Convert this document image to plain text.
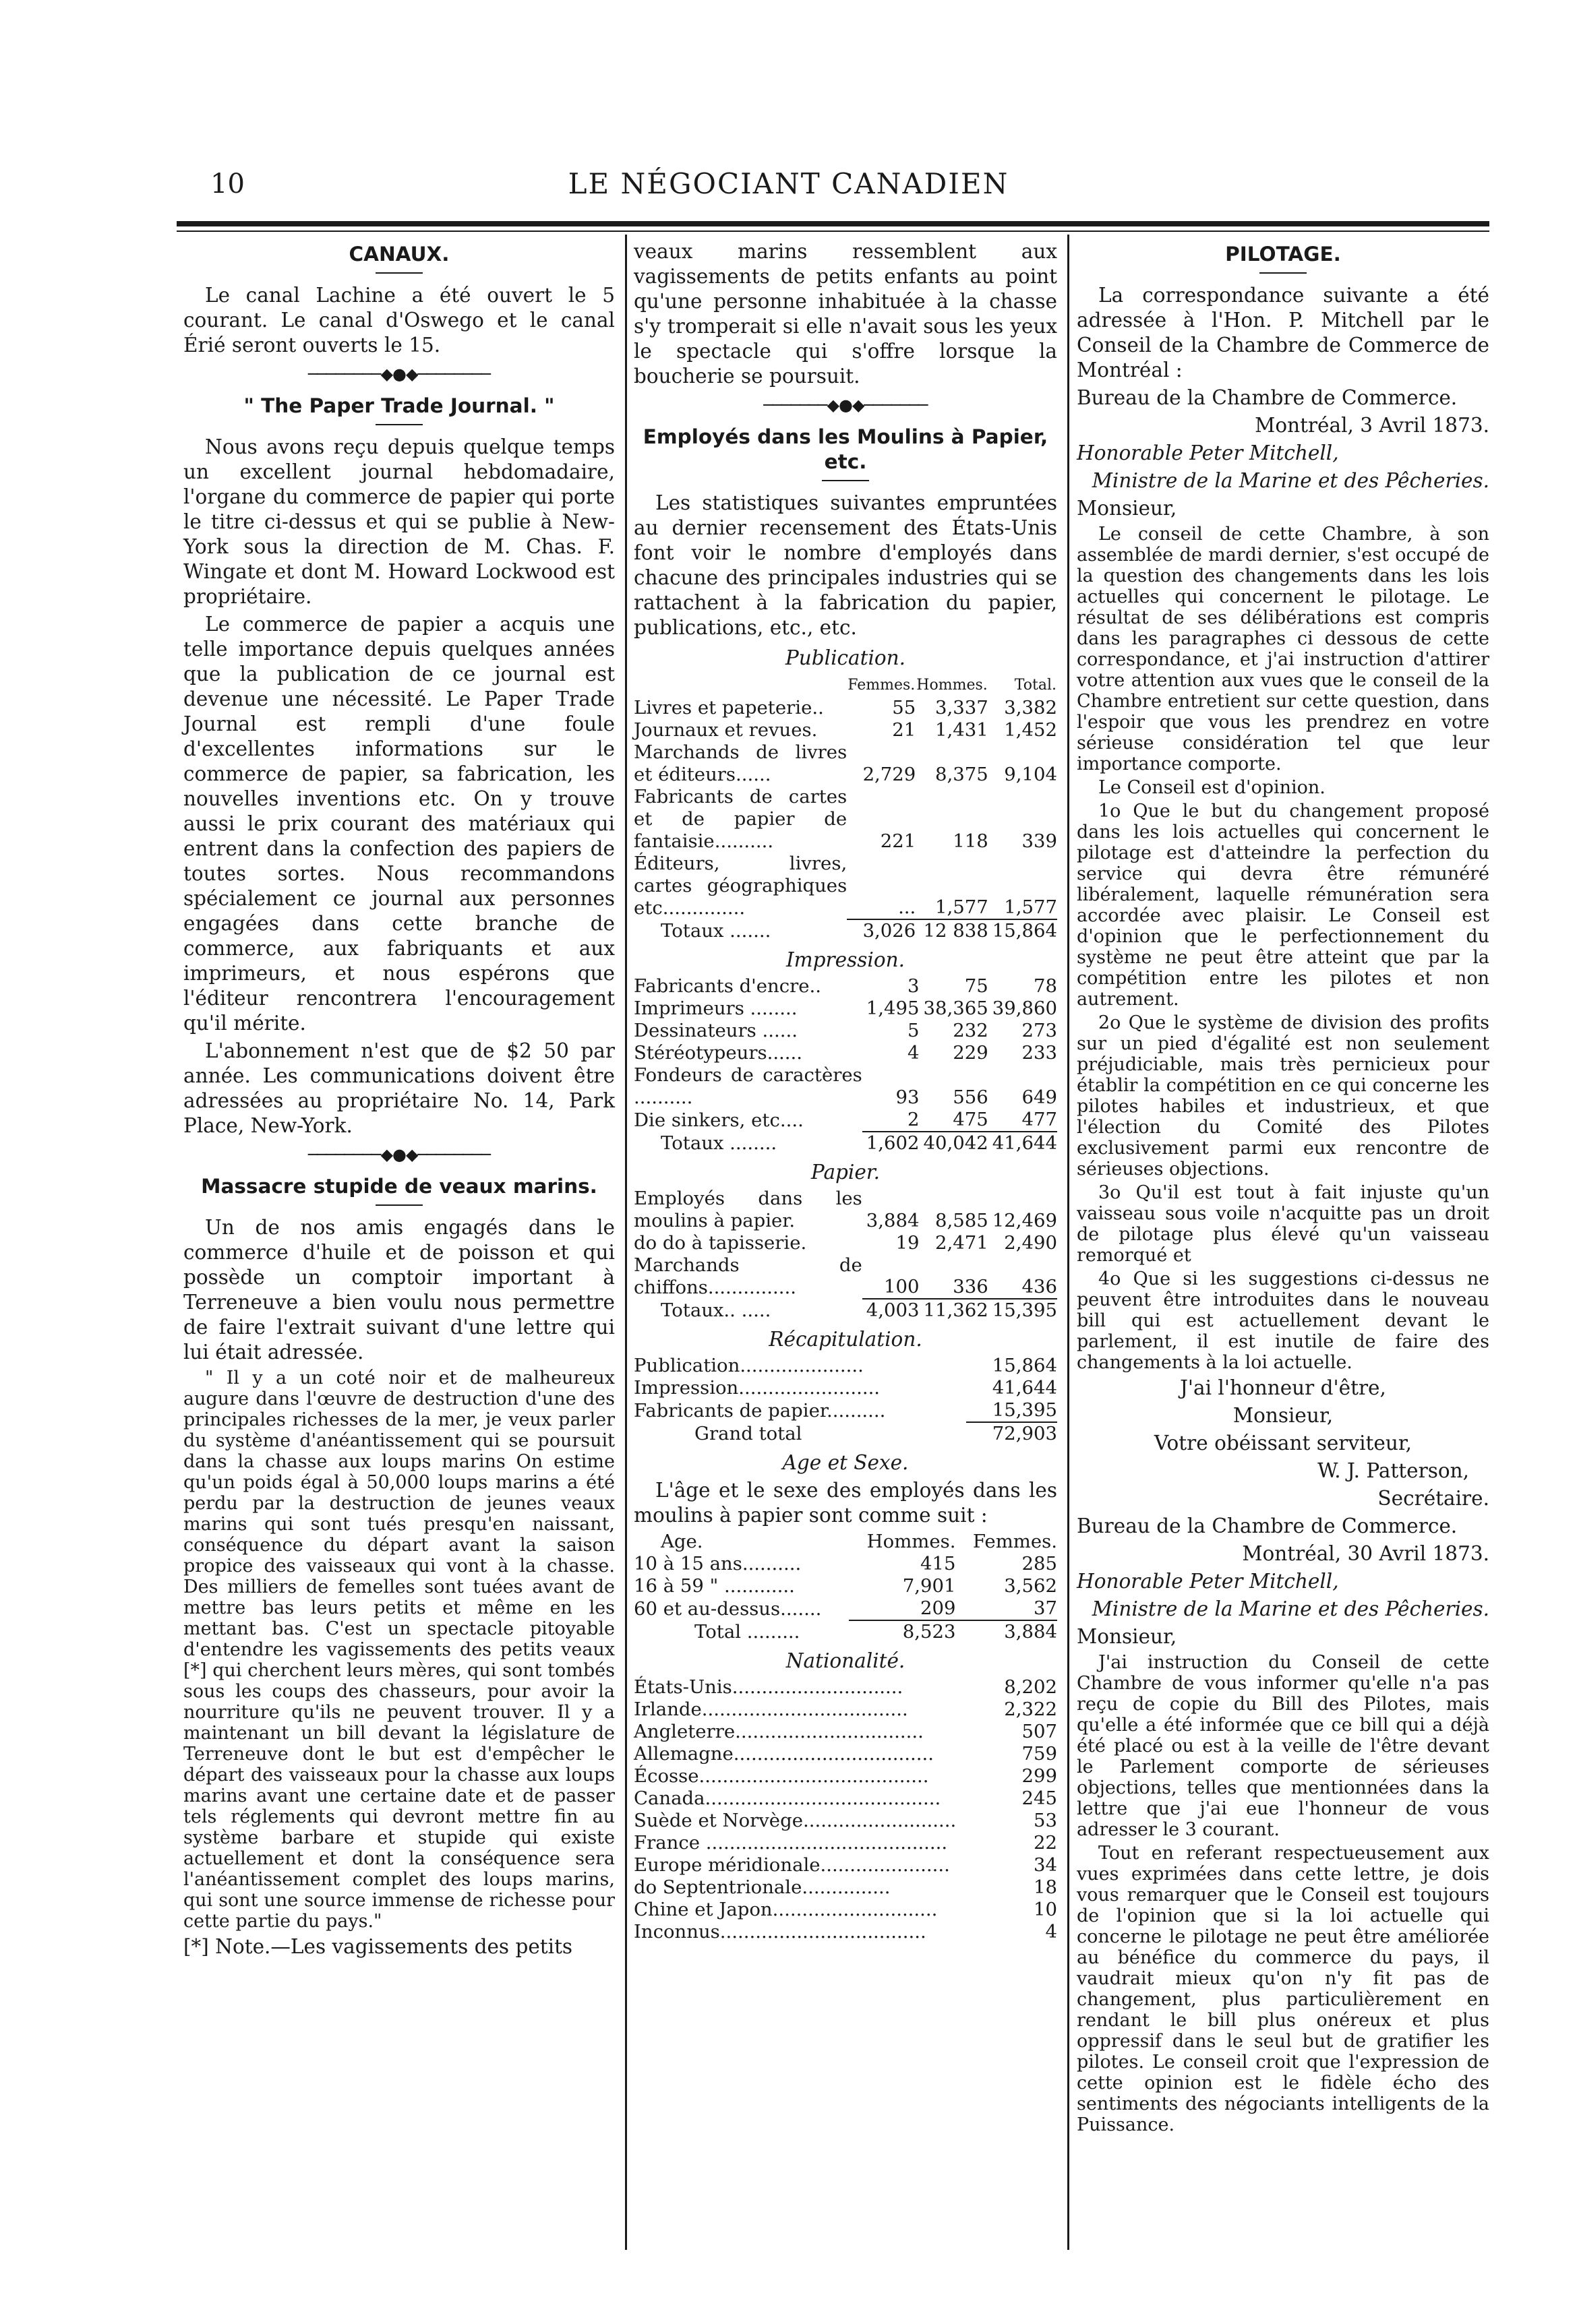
10	LE NÉGOCIANT CANADIEN
CANAUX.

Le canal Lachine a été ouvert le 5 courant. Le canal d'Oswego et le canal Érié seront ouverts le 15.

────────◆●◆────────
" The Paper Trade Journal. "

Nous avons reçu depuis quelque temps un excellent journal hebdomadaire, l'organe du commerce de papier qui porte le titre ci-dessus et qui se publie à New-York sous la direction de M. Chas. F. Wingate et dont M. Howard Lockwood est propriétaire.

Le commerce de papier a acquis une telle importance depuis quelques années que la publication de ce journal est devenue une nécessité. Le Paper Trade Journal est rempli d'une foule d'excellentes informations sur le commerce de papier, sa fabrication, les nouvelles inventions etc. On y trouve aussi le prix courant des matériaux qui entrent dans la confection des papiers de toutes sortes. Nous recommandons spécialement ce journal aux personnes engagées dans cette branche de commerce, aux fabriquants et aux imprimeurs, et nous espérons que l'éditeur rencontrera l'encouragement qu'il mérite.

L'abonnement n'est que de $2 50 par année. Les communications doivent être adressées au propriétaire No. 14, Park Place, New-York.

────────◆●◆────────
Massacre stupide de veaux marins.

Un de nos amis engagés dans le commerce d'huile et de poisson et qui possède un comptoir important à Terreneuve a bien voulu nous permettre de faire l'extrait suivant d'une lettre qui lui était adressée.

" Il y a un coté noir et de malheureux augure dans l'œuvre de destruction d'une des principales richesses de la mer, je veux parler du système d'anéantissement qui se poursuit dans la chasse aux loups marins On estime qu'un poids égal à 50,000 loups marins a été perdu par la destruction de jeunes veaux marins qui sont tués presqu'en naissant, conséquence du départ avant la saison propice des vaisseaux qui vont à la chasse. Des milliers de femelles sont tuées avant de mettre bas leurs petits et même en les mettant bas. C'est un spectacle pitoyable d'entendre les vagissements des petits veaux [*] qui cherchent leurs mères, qui sont tombés sous les coups des chasseurs, pour avoir la nourriture qu'ils ne peuvent trouver. Il y a maintenant un bill devant la législature de Terreneuve dont le but est d'empêcher le départ des vaisseaux pour la chasse aux loups marins avant une certaine date et de passer tels réglements qui devront mettre fin au système barbare et stupide qui existe actuellement et dont la conséquence sera l'anéantissement complet des loups marins, qui sont une source immense de richesse pour cette partie du pays."

[*] Note.—Les vagissements des petits

veaux marins ressemblent aux vagissements de petits enfants au point qu'une personne inhabituée à la chasse s'y tromperait si elle n'avait sous les yeux le spectacle qui s'offre lorsque la boucherie se poursuit.

───────◆●◆───────
Employés dans les Moulins à Papier, etc.

Les statistiques suivantes empruntées au dernier recensement des États-Unis font voir le nombre d'employés dans chacune des principales industries qui se rattachent à la fabrication du papier, publications, etc., etc.

Publication.
	Femmes.	Hommes.	Total.
Livres et papeterie..	55	3,337	3,382
Journaux et revues.	21	1,431	1,452
Marchands de livres et éditeurs......	2,729	8,375	9,104
Fabricants de cartes et de papier de fantaisie..........	221	118	339
Éditeurs, livres, cartes géographiques etc..............	...	1,577	1,577
Totaux .......	3,026	12 838	15,864
Impression.
Fabricants d'encre..	3	75	78
Imprimeurs ........	1,495	38,365	39,860
Dessinateurs ......	5	232	273
Stéréotypeurs......	4	229	233
Fondeurs de caractères ..........	93	556	649
Die sinkers, etc....	2	475	477
Totaux ........	1,602	40,042	41,644
Papier.
Employés dans les moulins à papier.	3,884	8,585	12,469
do do à tapisserie.	19	2,471	2,490
Marchands de chiffons...............	100	336	436
Totaux.. .....	4,003	11,362	15,395
Récapitulation.
Publication.....................	15,864
Impression........................	41,644
Fabricants de papier..........	15,395
Grand total	72,903
Age et Sexe.

L'âge et le sexe des employés dans les moulins à papier sont comme suit :

Age.	Hommes.	Femmes.
10 à 15 ans..........	415	285
16 à 59 " ............	7,901	3,562
60 et au-dessus.......	209	37
Total .........	8,523	3,884
Nationalité.
États-Unis.............................	8,202
Irlande...................................	2,322
Angleterre................................	507
Allemagne..................................	759
Écosse.......................................	299
Canada........................................	245
Suède et Norvège..........................	53
France .........................................	22
Europe méridionale......................	34
do Septentrionale...............	18
Chine et Japon............................	10
Inconnus...................................	4
PILOTAGE.

La correspondance suivante a été adressée à l'Hon. P. Mitchell par le Conseil de la Chambre de Commerce de Montréal :

Bureau de la Chambre de Commerce.

Montréal, 3 Avril 1873.

Honorable Peter Mitchell,

Ministre de la Marine et des Pêcheries.

Monsieur,

Le conseil de cette Chambre, à son assemblée de mardi dernier, s'est occupé de la question des changements dans les lois actuelles qui concernent le pilotage. Le résultat de ses délibérations est compris dans les paragraphes ci dessous de cette correspondance, et j'ai instruction d'attirer votre attention aux vues que le conseil de la Chambre entretient sur cette question, dans l'espoir que vous les prendrez en votre sérieuse considération tel que leur importance comporte.

Le Conseil est d'opinion.

1o Que le but du changement proposé dans les lois actuelles qui concernent le pilotage est d'atteindre la perfection du service qui devra être rémunéré libéralement, laquelle rémunération sera accordée avec plaisir. Le Conseil est d'opinion que le perfectionnement du système ne peut être atteint que par la compétition entre les pilotes et non autrement.

2o Que le système de division des profits sur un pied d'égalité est non seulement préjudiciable, mais très pernicieux pour établir la compétition en ce qui concerne les pilotes habiles et industrieux, et que l'élection du Comité des Pilotes exclusivement parmi eux rencontre de sérieuses objections.

3o Qu'il est tout à fait injuste qu'un vaisseau sous voile n'acquitte pas un droit de pilotage plus élevé qu'un vaisseau remorqué et

4o Que si les suggestions ci-dessus ne peuvent être introduites dans le nouveau bill qui est actuellement devant le parlement, il est inutile de faire des changements à la loi actuelle.

J'ai l'honneur d'être,

Monsieur,

Votre obéissant serviteur,

W. J. Patterson,

Secrétaire.

Bureau de la Chambre de Commerce.

Montréal, 30 Avril 1873.

Honorable Peter Mitchell,

Ministre de la Marine et des Pêcheries.

Monsieur,

J'ai instruction du Conseil de cette Chambre de vous informer qu'elle n'a pas reçu de copie du Bill des Pilotes, mais qu'elle a été informée que ce bill qui a déjà été placé ou est à la veille de l'être devant le Parlement comporte de sérieuses objections, telles que mentionnées dans la lettre que j'ai eue l'honneur de vous adresser le 3 courant.

Tout en referant respectueusement aux vues exprimées dans cette lettre, je dois vous remarquer que le Conseil est toujours de l'opinion que si la loi actuelle qui concerne le pilotage ne peut être améliorée au bénéfice du commerce du pays, il vaudrait mieux qu'on n'y fit pas de changement, plus particulièrement en rendant le bill plus onéreux et plus oppressif dans le seul but de gratifier les pilotes. Le conseil croit que l'expression de cette opinion est le fidèle écho des sentiments des négociants intelligents de la Puissance.
